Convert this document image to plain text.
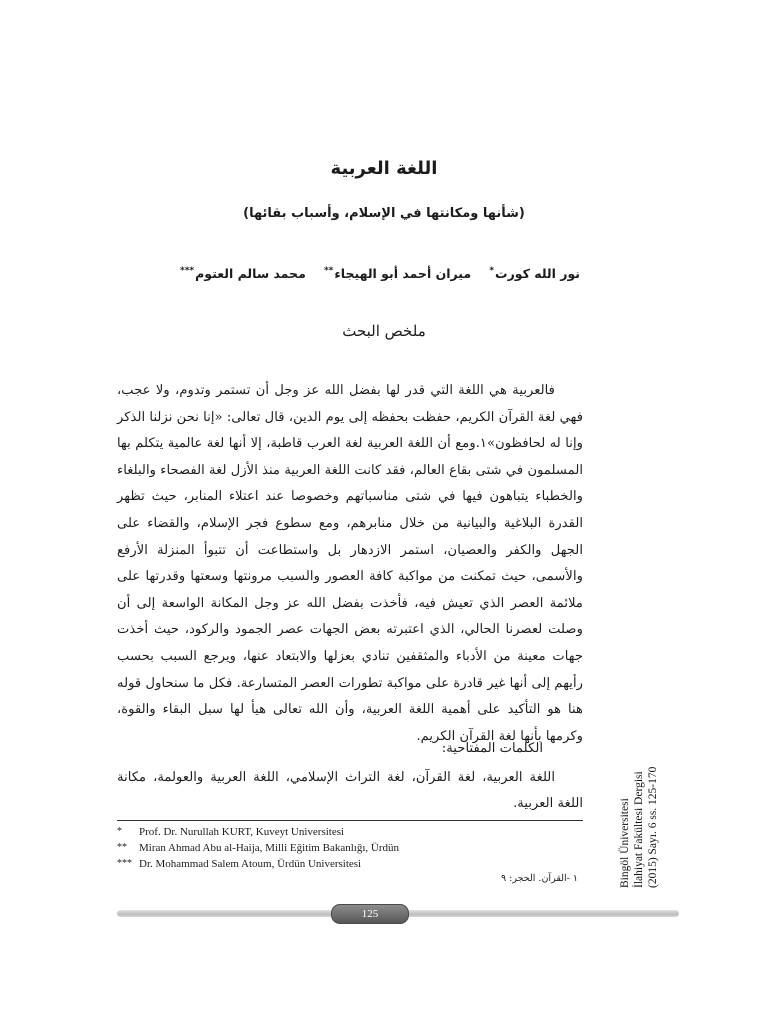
اللغة العربية
(شأنها ومكانتها في الإسلام، وأسباب بقائها)
نور الله كورت*
ميران أحمد أبو الهيجاء**
محمد سالم العتوم***
ملخص البحث

فالعربية هي اللغة التي قدر لها بفضل الله عز وجل أن تستمر وتدوم، ولا عجب، فهي لغة القرآن الكريم، حفظت بحفظه إلى يوم الدين، قال تعالى: «إنا نحن نزلنا الذكر وإنا له لحافظون»١.ومع أن اللغة العربية لغة العرب قاطبة، إلا أنها لغة عالمية يتكلم بها المسلمون في شتى بقاع العالم، فقد كانت اللغة العربية منذ الأزل لغة الفصحاء والبلغاء والخطباء يتباهون فيها في شتى مناسباتهم وخصوصا عند اعتلاء المنابر، حيث تظهر القدرة البلاغية والبيانية من خلال منابرهم، ومع سطوع فجر الإسلام، والقضاء على الجهل والكفر والعصيان، استمر الازدهار بل واستطاعت أن تتبوأ المنزلة الأرفع والأسمى، حيث تمكنت من مواكبة كافة العصور والسبب مرونتها وسعتها وقدرتها على ملائمة العصر الذي تعيش فيه، فأخذت بفضل الله عز وجل المكانة الواسعة إلى أن وصلت لعصرنا الحالي، الذي اعتبرته بعض الجهات عصر الجمود والركود، حيث أخذت جهات معينة من الأدباء والمثقفين تنادي بعزلها والابتعاد عنها، ويرجع السبب بحسب رأيهم إلى أنها غير قادرة على مواكبة تطورات العصر المتسارعة. فكل ما سنحاول قوله هنا هو التأكيد على أهمية اللغة العربية، وأن الله تعالى هيأ لها سبل البقاء والقوة، وكرمها بأنها لغة القرآن الكريم.

الكلمات المفتاحية:

اللغة العربية، لغة القرآن، لغة التراث الإسلامي، اللغة العربية والعولمة، مكانة اللغة العربية.

*	Prof. Dr. Nurullah KURT, Kuveyt Universitesi
**	Miran Ahmad Abu al-Haija, Milli Eğitim Bakanlığı, Ürdün
*** Dr. Mohammad Salem Atoum, Ürdün Universitesi
١ -القرآن. الحجر: ٩
125
Bingöl Üniversitesi İlahiyat Fakültesi Dergisi (2015) Sayı. 6 ss. 125-170
